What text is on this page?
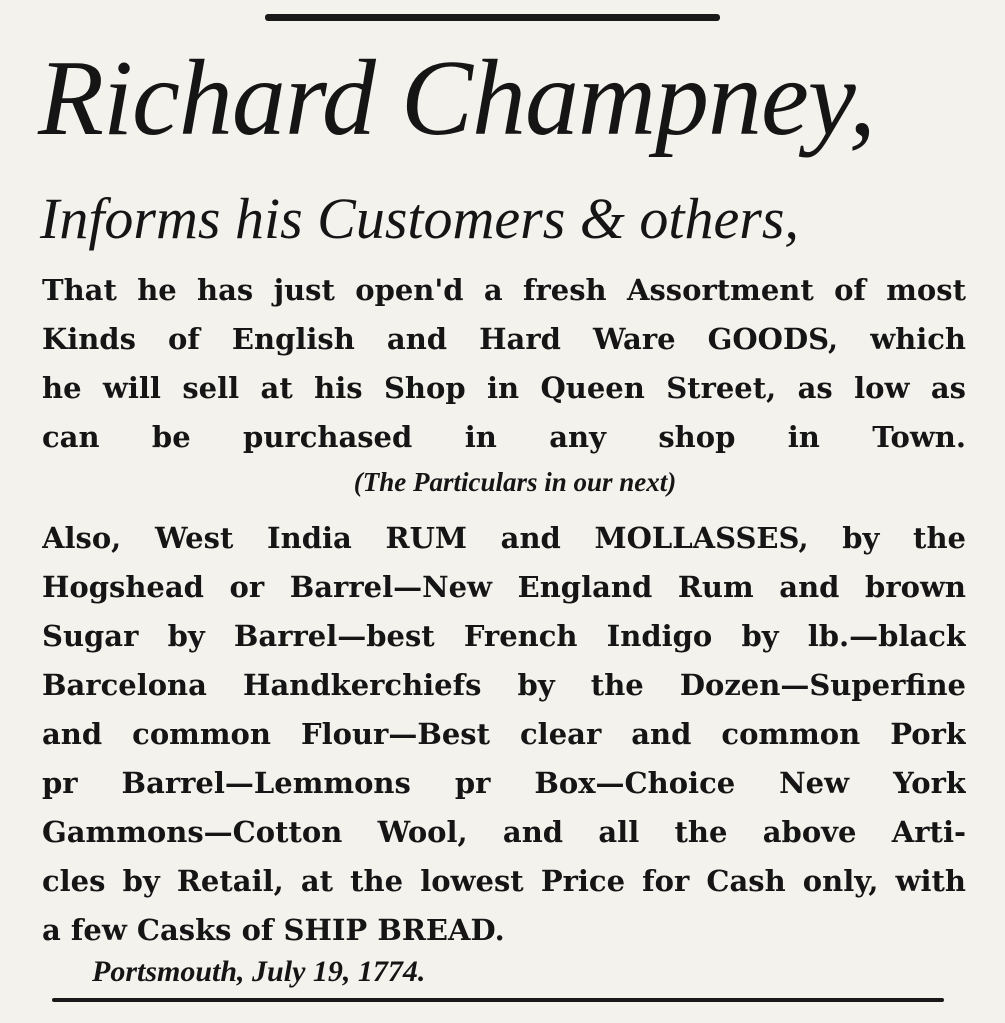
Richard Champney,
Informs his Customers & others,
That he has just open'd a fresh Assortment of most
Kinds of English and Hard Ware GOODS, which
he will sell at his Shop in Queen Street, as low as
can be purchased in any shop in Town.
(The Particulars in our next)
Also, West India RUM and MOLLASSES, by the
Hogshead or Barrel—New England Rum and brown
Sugar by Barrel—best French Indigo by lb.—black
Barcelona Handkerchiefs by the Dozen—Superfine
and common Flour—Best clear and common Pork
pr Barrel—Lemmons pr Box—Choice New York
Gammons—Cotton Wool, and all the above Arti-
cles by Retail, at the lowest Price for Cash only, with
a few Casks of SHIP BREAD.
Portsmouth, July 19, 1774.
